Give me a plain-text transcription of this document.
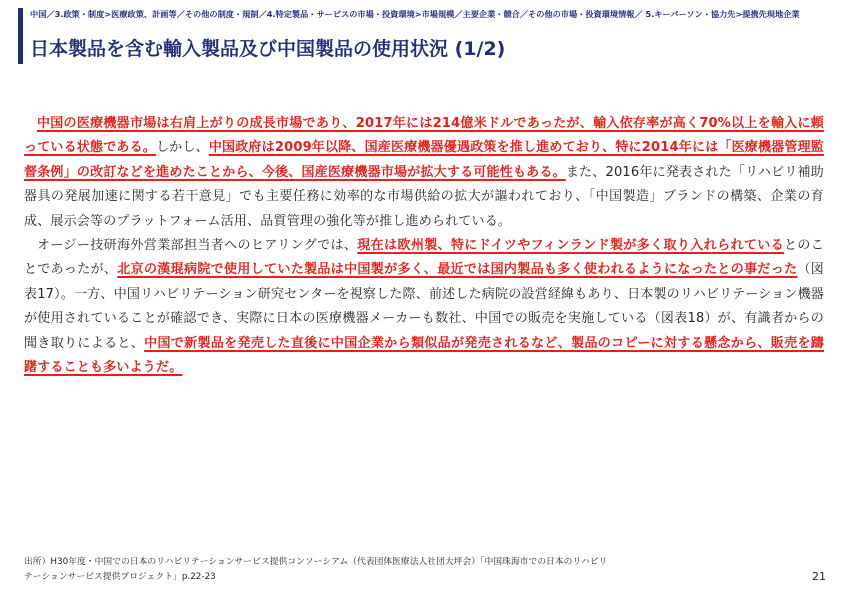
中国／3.政策・制度>医療政策、計画等／その他の制度・規制／4.特定製品・サービスの市場・投資環境>市場規模／主要企業・競合／その他の市場・投資環境情報／ 5.キーパーソン・協力先>提携先現地企業
日本製品を含む輸入製品及び中国製品の使用状況 (1/2)

中国の医療機器市場は右肩上がりの成長市場であり、2017年には214億米ドルであったが、輸入依存率が高く70%以上を輸入に頼っている状態である。しかし、中国政府は2009年以降、国産医療機器優遇政策を推し進めており、特に2014年には「医療機器管理監督条例」の改訂などを進めたことから、今後、国産医療機器市場が拡大する可能性もある。また、2016年に発表された「リハビリ補助器具の発展加速に関する若干意見」でも主要任務に効率的な市場供給の拡大が謳われており、「中国製造」ブランドの構築、企業の育成、展示会等のプラットフォーム活用、品質管理の強化等が推し進められている。

オージー技研海外営業部担当者へのヒアリングでは、現在は欧州製、特にドイツやフィンランド製が多く取り入れられているとのことであったが、北京の漢琨病院で使用していた製品は中国製が多く、最近では国内製品も多く使われるようになったとの事だった（図表17）。一方、中国リハビリテーション研究センターを視察した際、前述した病院の設営経緯もあり、日本製のリハビリテーション機器が使用されていることが確認でき、実際に日本の医療機器メーカーも数社、中国での販売を実施している（図表18）が、有識者からの聞き取りによると、中国で新製品を発売した直後に中国企業から類似品が発売されるなど、製品のコピーに対する懸念から、販売を躊躇することも多いようだ。

出所）H30年度・中国での日本のリハビリテーションサービス提供コンソーシアム（代表団体医療法人社団大坪会）「中国珠海市での日本のリハビリ
テーションサービス提供プロジェクト」p.22-23	21
